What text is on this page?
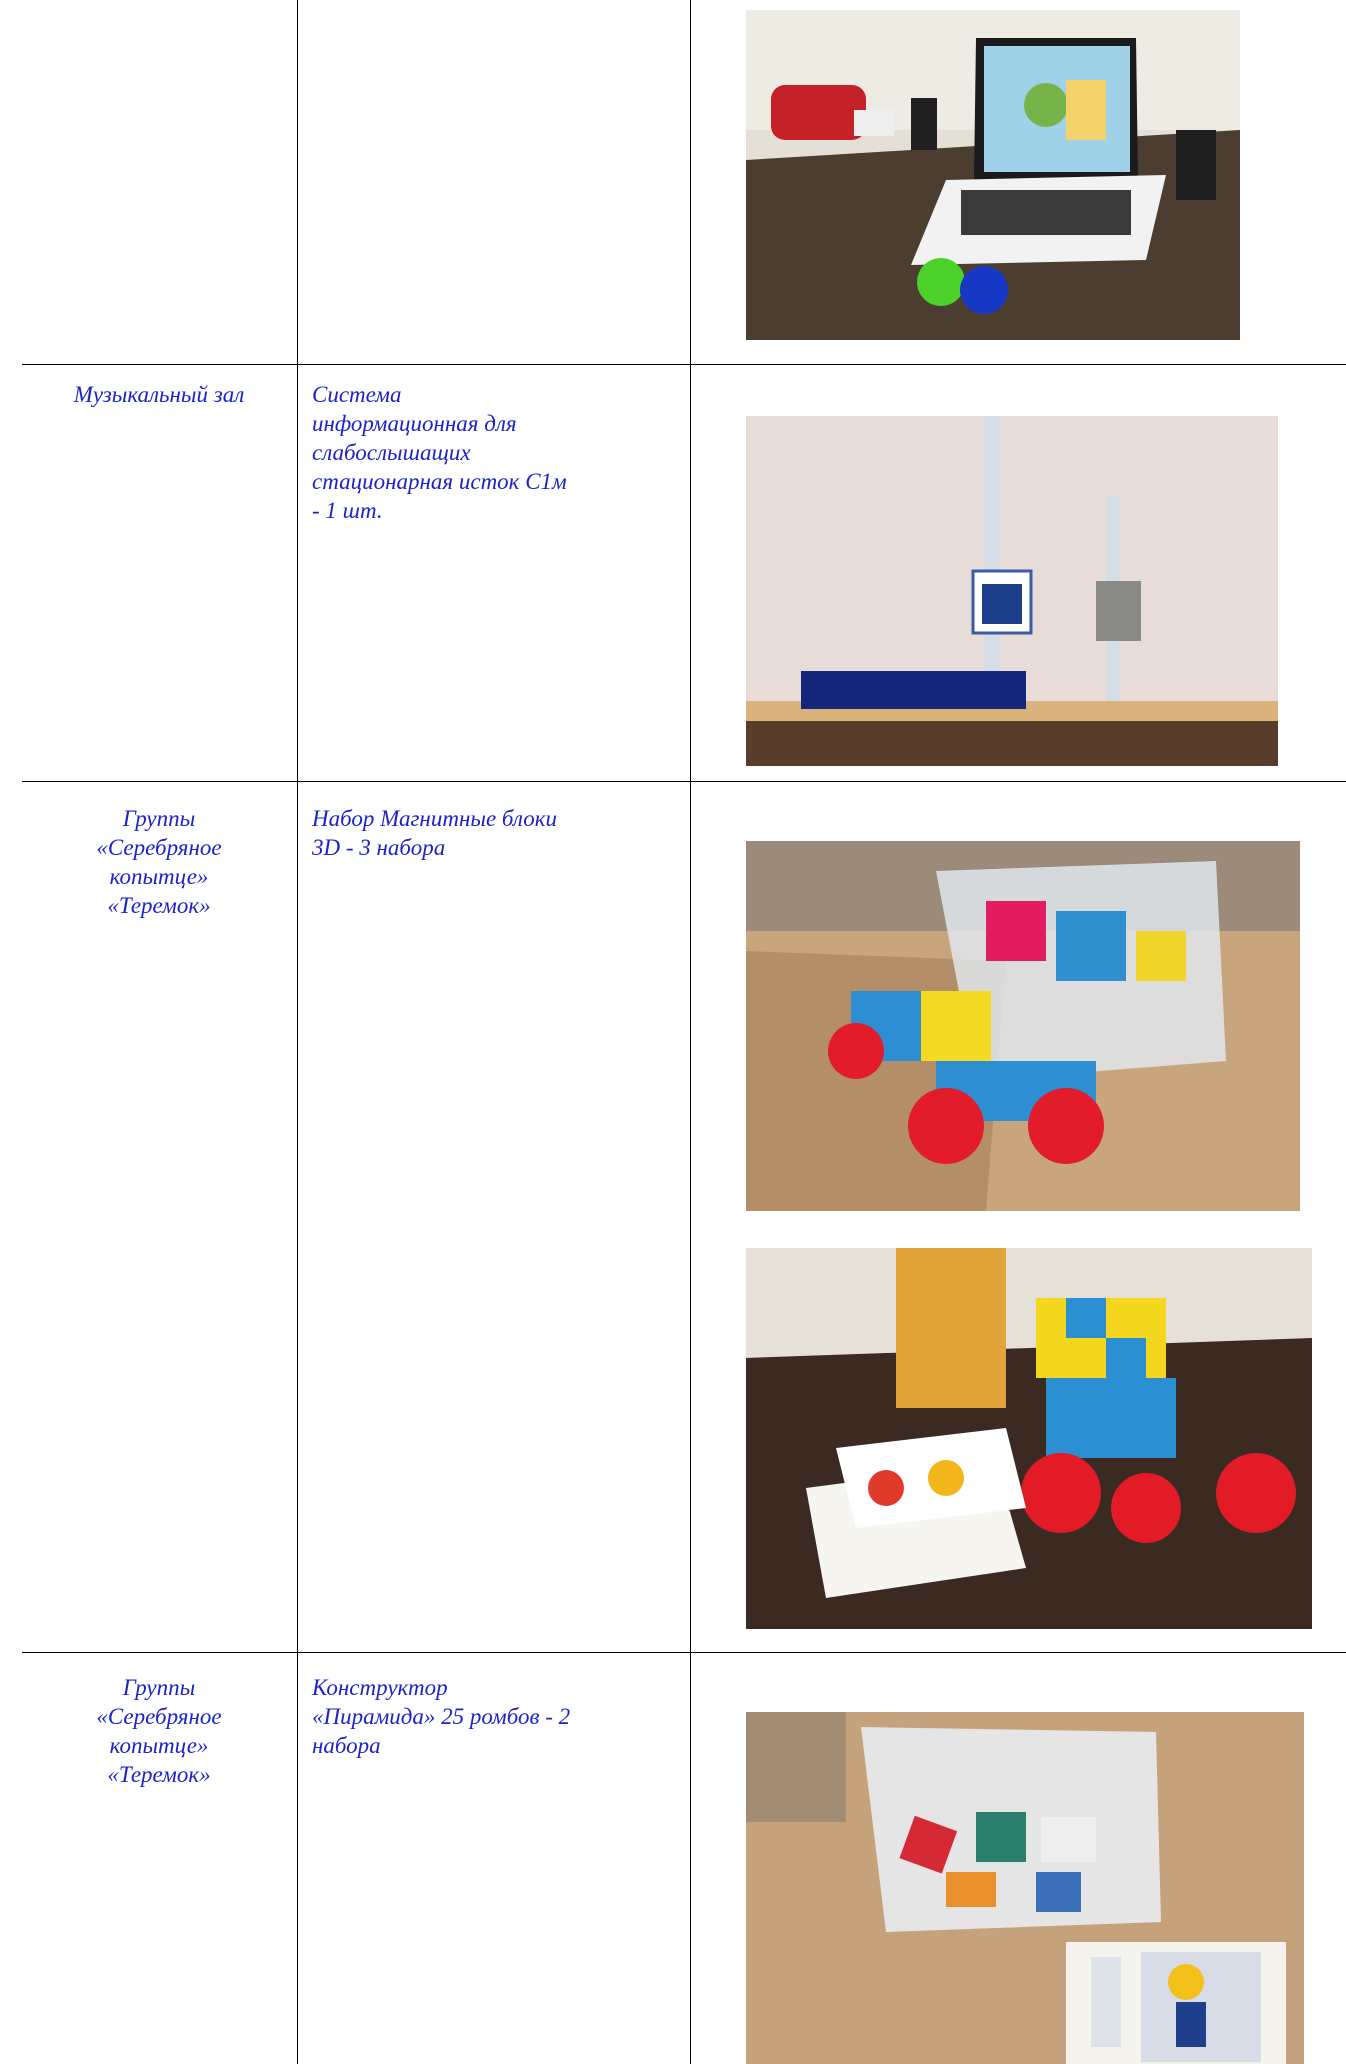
Музыкальный зал	Система
информационная для
слабослышащих
стационарная исток С1м
- 1 шт.

Группы
«Серебряное
копытце»
«Теремок»

Набор Магнитные блоки
3D - 3 набора

Группы
«Серебряное
копытце»
«Теремок»

Конструктор
«Пирамида» 25 ромбов - 2
набора
